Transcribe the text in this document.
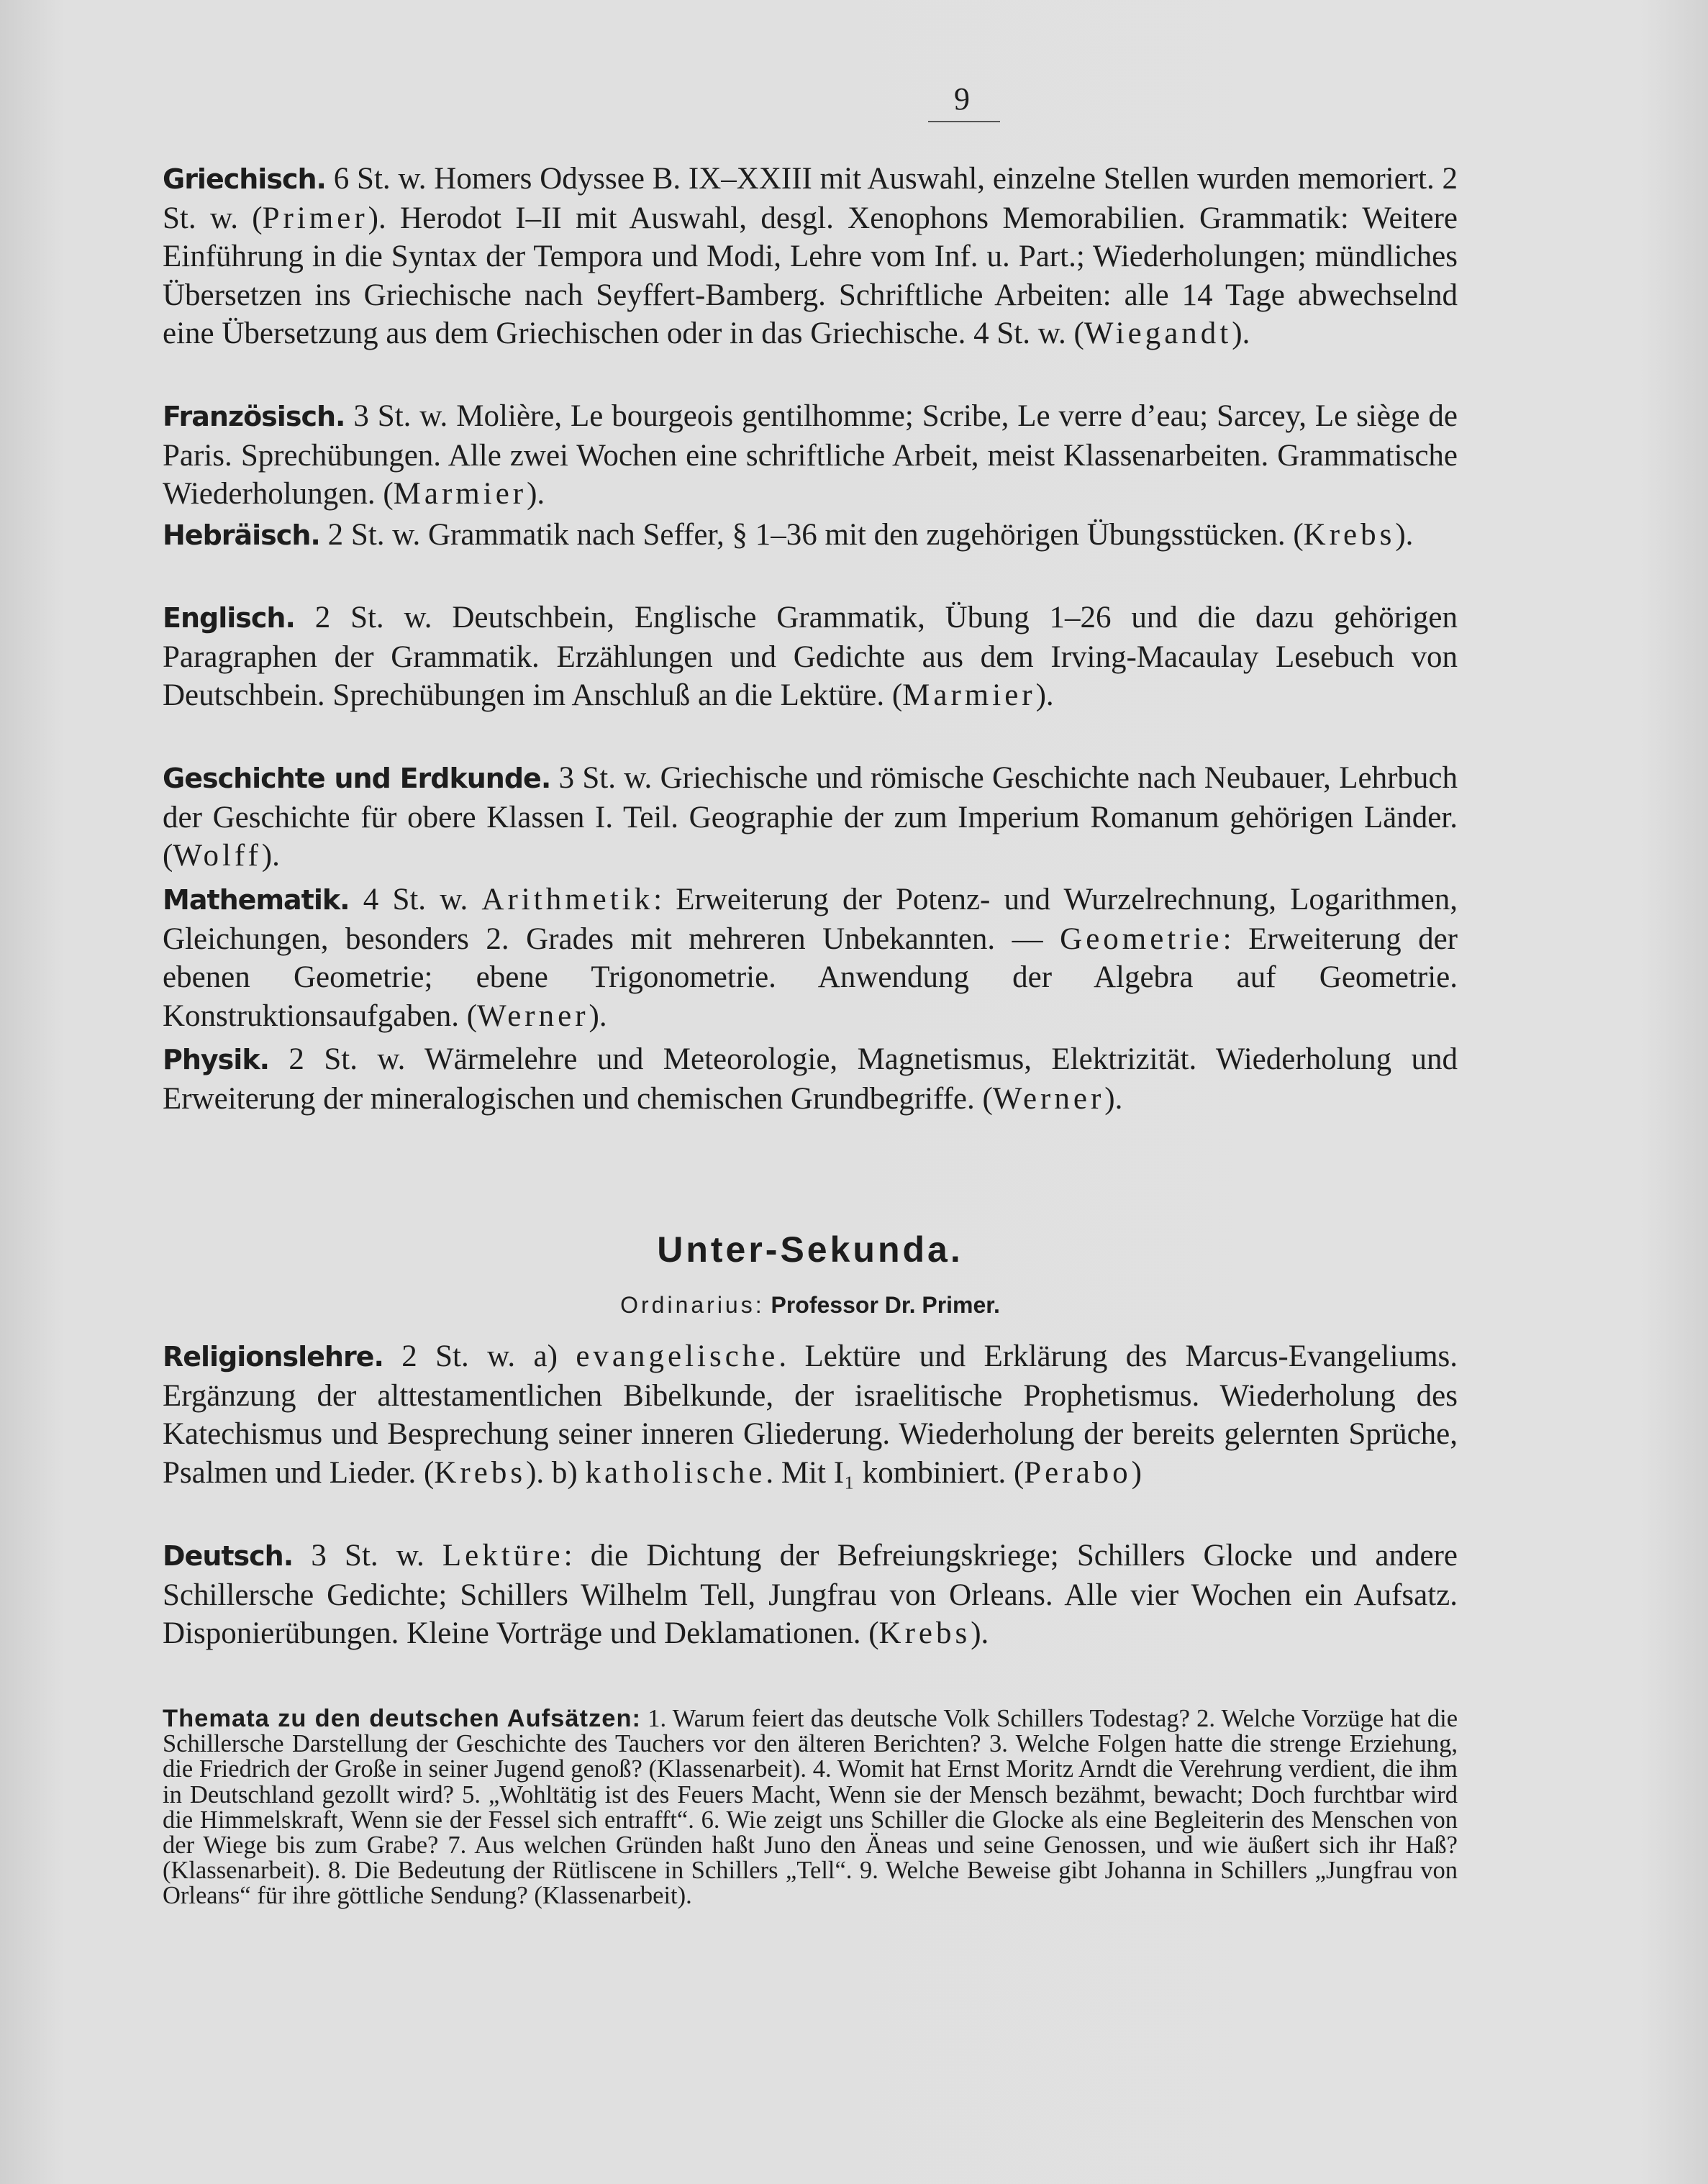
9

Griechisch. 6 St. w. Homers Odyssee B. IX–XXIII mit Auswahl, einzelne Stellen wurden memoriert. 2 St. w. (Primer). Herodot I–II mit Auswahl, desgl. Xenophons Memorabilien. Grammatik: Weitere Einführung in die Syntax der Tempora und Modi, Lehre vom Inf. u. Part.; Wiederholungen; mündliches Übersetzen ins Griechische nach Seyffert-Bamberg. Schriftliche Arbeiten: alle 14 Tage abwechselnd eine Übersetzung aus dem Griechischen oder in das Griechische. 4 St. w. (Wiegandt).

Französisch. 3 St. w. Molière, Le bourgeois gentilhomme; Scribe, Le verre d’eau; Sarcey, Le siège de Paris. Sprechübungen. Alle zwei Wochen eine schriftliche Arbeit, meist Klassenarbeiten. Grammatische Wiederholungen. (Marmier).

Hebräisch. 2 St. w. Grammatik nach Seffer, § 1–36 mit den zugehörigen Übungsstücken. (Krebs).

Englisch. 2 St. w. Deutschbein, Englische Grammatik, Übung 1–26 und die dazu gehörigen Paragraphen der Grammatik. Erzählungen und Gedichte aus dem Irving-Macaulay Lesebuch von Deutschbein. Sprechübungen im Anschluß an die Lektüre. (Marmier).

Geschichte und Erdkunde. 3 St. w. Griechische und römische Geschichte nach Neubauer, Lehrbuch der Geschichte für obere Klassen I. Teil. Geographie der zum Imperium Romanum gehörigen Länder. (Wolff).

Mathematik. 4 St. w. Arithmetik: Erweiterung der Potenz- und Wurzelrechnung, Logarithmen, Gleichungen, besonders 2. Grades mit mehreren Unbekannten. — Geometrie: Erweiterung der ebenen Geometrie; ebene Trigonometrie. Anwendung der Algebra auf Geometrie. Konstruktionsaufgaben. (Werner).

Physik. 2 St. w. Wärmelehre und Meteorologie, Magnetismus, Elektrizität. Wiederholung und Erweiterung der mineralogischen und chemischen Grundbegriffe. (Werner).

Unter-Sekunda.
Ordinarius: Professor Dr. Primer.

Religionslehre. 2 St. w. a) evangelische. Lektüre und Erklärung des Marcus-Evangeliums. Ergänzung der alttestamentlichen Bibelkunde, der israelitische Prophetismus. Wiederholung des Katechismus und Besprechung seiner inneren Gliederung. Wiederholung der bereits gelernten Sprüche, Psalmen und Lieder. (Krebs). b) katholische. Mit I₁ kombiniert. (Perabo)

Deutsch. 3 St. w. Lektüre: die Dichtung der Befreiungskriege; Schillers Glocke und andere Schillersche Gedichte; Schillers Wilhelm Tell, Jungfrau von Orleans. Alle vier Wochen ein Aufsatz. Disponierübungen. Kleine Vorträge und Deklamationen. (Krebs).

Themata zu den deutschen Aufsätzen: 1. Warum feiert das deutsche Volk Schillers Todestag? 2. Welche Vorzüge hat die Schillersche Darstellung der Geschichte des Tauchers vor den älteren Berichten? 3. Welche Folgen hatte die strenge Erziehung, die Friedrich der Große in seiner Jugend genoß? (Klassenarbeit). 4. Womit hat Ernst Moritz Arndt die Verehrung verdient, die ihm in Deutschland gezollt wird? 5. „Wohltätig ist des Feuers Macht, Wenn sie der Mensch bezähmt, bewacht; Doch furchtbar wird die Himmelskraft, Wenn sie der Fessel sich entrafft“. 6. Wie zeigt uns Schiller die Glocke als eine Begleiterin des Menschen von der Wiege bis zum Grabe? 7. Aus welchen Gründen haßt Juno den Äneas und seine Genossen, und wie äußert sich ihr Haß? (Klassenarbeit). 8. Die Bedeutung der Rütliscene in Schillers „Tell“. 9. Welche Beweise gibt Johanna in Schillers „Jungfrau von Orleans“ für ihre göttliche Sendung? (Klassenarbeit).
